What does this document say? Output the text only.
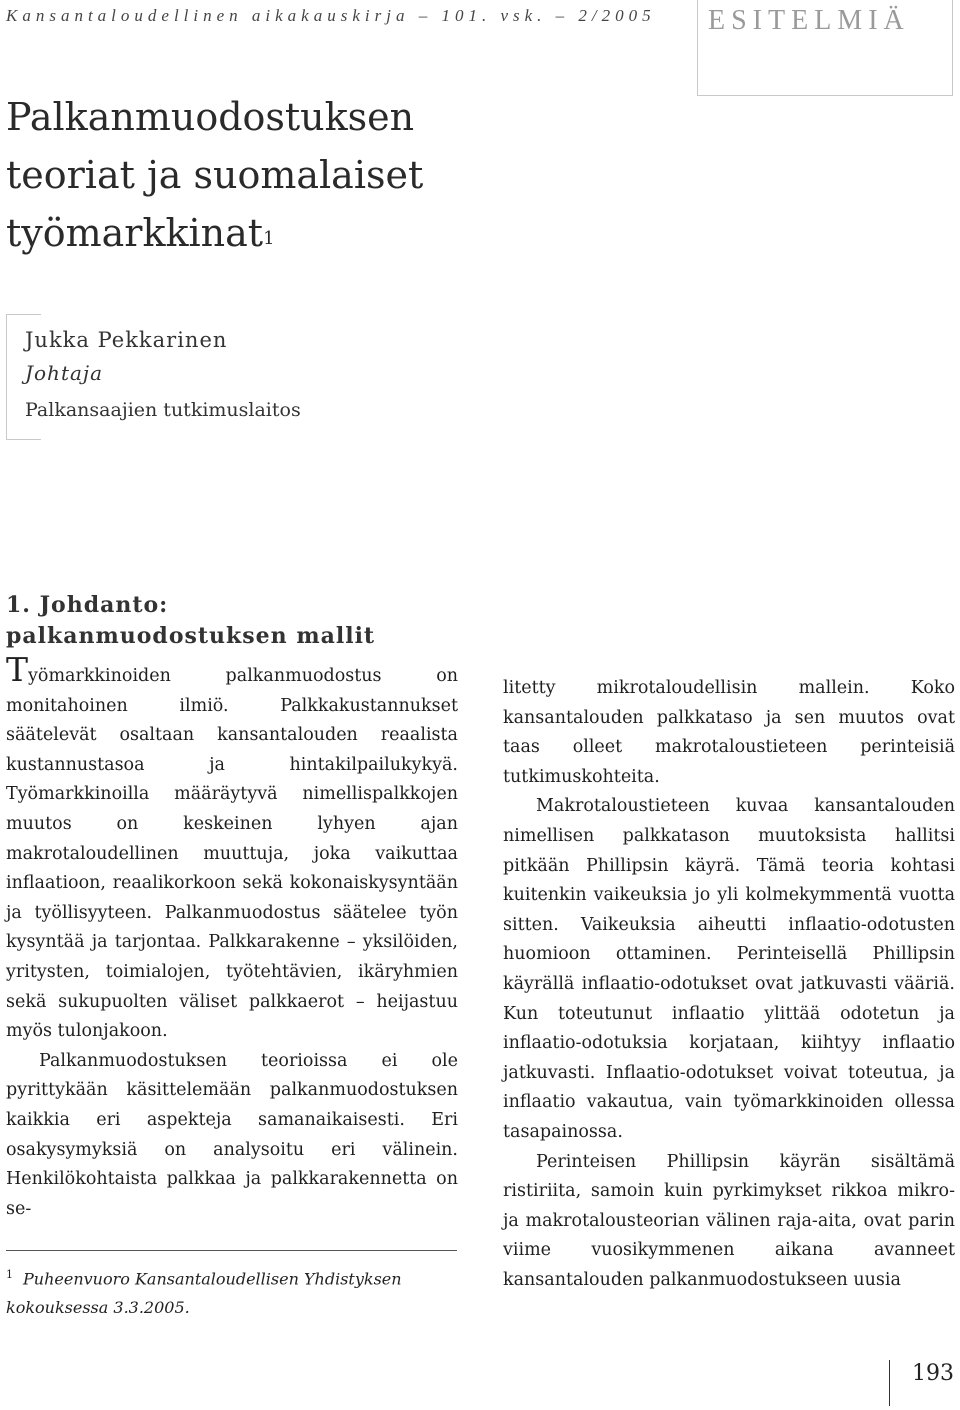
Kansantaloudellinen aikakauskirja – 101. vsk. – 2/2005 ESITELMIÄ
Palkanmuodostuksen
teoriat ja suomalaiset
työmarkkinat$^1$
Jukka Pekkarinen
Johtaja
Palkansaajien tutkimuslaitos
1. Johdanto:
palkanmuodostuksen mallit

Työmarkkinoiden palkanmuodostus on monitahoinen ilmiö. Palkkakustannukset säätelevät osaltaan kansantalouden reaalista kustannustasoa ja hintakilpailukykyä. Työmarkkinoilla määräytyvä nimellispalkkojen muutos on keskeinen lyhyen ajan makrotaloudellinen muuttuja, joka vaikuttaa inflaatioon, reaalikorkoon sekä kokonaiskysyntään ja työllisyyteen. Palkanmuodostus säätelee työn kysyntää ja tarjontaa. Palkkarakenne – yksilöiden, yritysten, toimialojen, työtehtävien, ikäryhmien sekä sukupuolten väliset palkkaerot – heijastuu myös tulonjakoon.

Palkanmuodostuksen teorioissa ei ole pyrittykään käsittelemään palkanmuodostuksen kaikkia eri aspekteja samanaikaisesti. Eri osakysymyksiä on analysoitu eri välinein. Henkilökohtaista palkkaa ja palkkarakennetta on se-

litetty mikrotaloudellisin mallein. Koko kansantalouden palkkataso ja sen muutos ovat taas olleet makrotaloustieteen perinteisiä tutkimuskohteita.

Makrotaloustieteen kuvaa kansantalouden nimellisen palkkatason muutoksista hallitsi pitkään Phillipsin käyrä. Tämä teoria kohtasi kuitenkin vaikeuksia jo yli kolmekymmentä vuotta sitten. Vaikeuksia aiheutti inflaatio-odotusten huomioon ottaminen. Perinteisellä Phillipsin käyrällä inflaatio-odotukset ovat jatkuvasti vääriä. Kun toteutunut inflaatio ylittää odotetun ja inflaatio-odotuksia korjataan, kiihtyy inflaatio jatkuvasti. Inflaatio-odotukset voivat toteutua, ja inflaatio vakautua, vain työmarkkinoiden ollessa tasapainossa.

Perinteisen Phillipsin käyrän sisältämä ristiriita, samoin kuin pyrkimykset rikkoa mikro- ja makrotalousteorian välinen raja-aita, ovat parin viime vuosikymmenen aikana avanneet kansantalouden palkanmuodostukseen uusia

$^1$ Puheenvuoro Kansantaloudellisen Yhdistyksen kokouksessa 3.3.2005.

193
